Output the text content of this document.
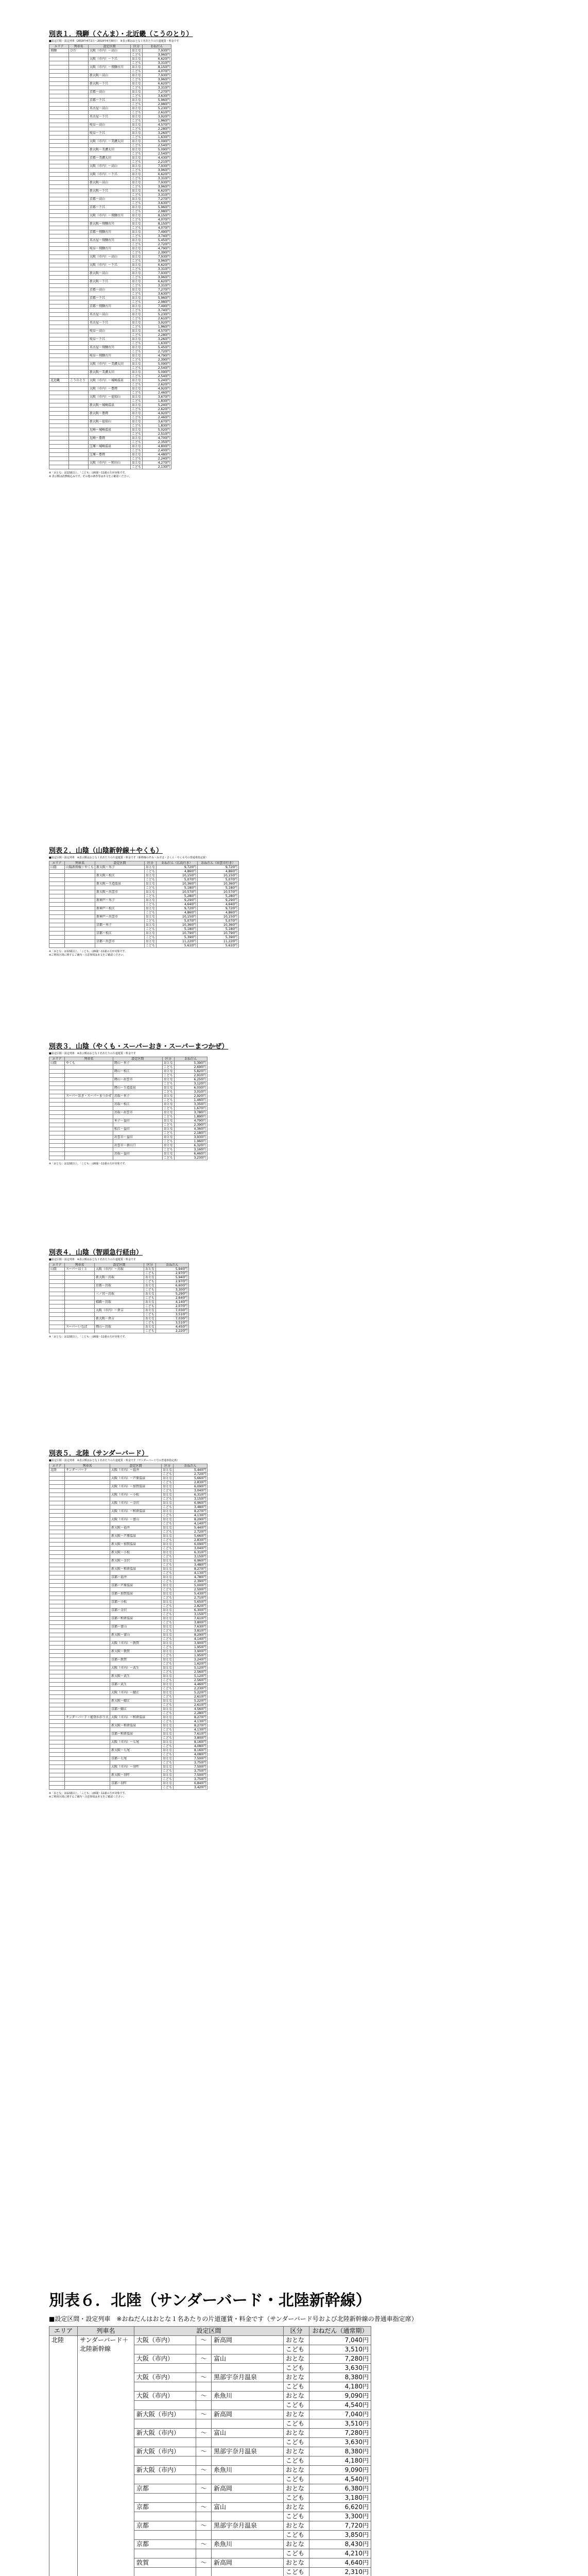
別表１．飛騨（ぐんま）・北近畿（こうのとり）
■設定区間・設定列車（2019年4月1日～2019年4月30日）　※表示額はおとな１名あたりの片道運賃・料金です
エリア	列車名	設定区間	区分	おねだん
飛騨	ひだ	大阪（市内）～高山	おとな	7,930円
			こども	3,960円
		大阪（市内）～下呂	おとな	6,620円
			こども	3,310円
		大阪（市内）～飛騨古川	おとな	8,150円
			こども	4,070円
		新大阪～高山	おとな	7,930円
			こども	3,960円
		新大阪～下呂	おとな	6,620円
			こども	3,310円
		京都～高山	おとな	7,270円
			こども	3,630円
		京都～下呂	おとな	5,960円
			こども	2,980円
		名古屋～高山	おとな	5,230円
			こども	2,610円
		名古屋～下呂	おとな	3,920円
			こども	1,960円
		岐阜～高山	おとな	4,570円
			こども	2,280円
		岐阜～下呂	おとな	3,260円
			こども	1,630円
		大阪（市内）～美濃太田	おとな	5,090円
			こども	2,540円
		新大阪～美濃太田	おとな	5,090円
			こども	2,540円
		京都～美濃太田	おとな	4,430円
			こども	2,210円
		大阪（市内）～高山	おとな	7,930円
			こども	3,960円
		大阪（市内）～下呂	おとな	6,620円
			こども	3,310円
		新大阪～高山	おとな	7,930円
			こども	3,960円
		新大阪～下呂	おとな	6,620円
			こども	3,310円
		京都～高山	おとな	7,270円
			こども	3,630円
		京都～下呂	おとな	5,960円
			こども	2,980円
		大阪（市内）～飛騨古川	おとな	8,150円
			こども	4,070円
		新大阪～飛騨古川	おとな	8,150円
			こども	4,070円
		京都～飛騨古川	おとな	7,490円
			こども	3,740円
		名古屋～飛騨古川	おとな	5,450円
			こども	2,720円
		岐阜～飛騨古川	おとな	4,790円
			こども	2,390円
		大阪（市内）～高山	おとな	7,930円
			こども	3,960円
		大阪（市内）～下呂	おとな	6,620円
			こども	3,310円
		新大阪～高山	おとな	7,930円
			こども	3,960円
		新大阪～下呂	おとな	6,620円
			こども	3,310円
		京都～高山	おとな	7,270円
			こども	3,630円
		京都～下呂	おとな	5,960円
			こども	2,980円
		京都～飛騨古川	おとな	7,490円
			こども	3,740円
		名古屋～高山	おとな	5,230円
			こども	2,610円
		名古屋～下呂	おとな	3,920円
			こども	1,960円
		岐阜～高山	おとな	4,570円
			こども	2,280円
		岐阜～下呂	おとな	3,260円
			こども	1,630円
		名古屋～飛騨古川	おとな	5,450円
			こども	2,720円
		岐阜～飛騨古川	おとな	4,790円
			こども	2,390円
		大阪（市内）～美濃太田	おとな	5,090円
			こども	2,540円
		新大阪～美濃太田	おとな	5,090円
			こども	2,540円
北近畿	こうのとり	大阪（市内）～城崎温泉	おとな	5,240円
			こども	2,620円
		大阪（市内）～豊岡	おとな	4,920円
			こども	2,460円
		大阪（市内）～福知山	おとな	3,670円
			こども	1,830円
		新大阪～城崎温泉	おとな	5,240円
			こども	2,620円
		新大阪～豊岡	おとな	4,920円
			こども	2,460円
		新大阪～福知山	おとな	3,670円
			こども	1,830円
		尼崎～城崎温泉	おとな	5,020円
			こども	2,510円
		尼崎～豊岡	おとな	4,700円
			こども	2,350円
		宝塚～城崎温泉	おとな	4,800円
			こども	2,400円
		宝塚～豊岡	おとな	4,480円
			こども	2,240円
		大阪（市内）～和田山	おとな	4,270円
			こども	2,130円
※「おとな」は12歳以上、「こども」は6歳～11歳の方が対象です。
※ 表示額は消費税込みです。その他の条件等は本文をご確認ください。
別表２．山陰（山陰新幹線＋やくも）
■設定区間・設定列車　※表示額はおとな１名あたりの片道運賃・料金です（新幹線のぞみ・みずほ・さくら・やくも号の普通車指定席）
エリア	列車名	設定区間	区分	おねだん（広島行き）	おねだん（出雲市行き）
山陰	山陽新幹線＋やくも	新大阪～米子	おとな	9,720円	9,720円
			こども	4,860円	4,860円
		新大阪～松江	おとな	10,150円	10,150円
			こども	5,070円	5,070円
		新大阪～玉造温泉	おとな	10,360円	10,360円
			こども	5,180円	5,180円
		新大阪～出雲市	おとな	10,570円	10,570円
			こども	5,280円	5,280円
		新神戸～米子	おとな	9,290円	9,290円
			こども	4,640円	4,640円
		新神戸～松江	おとな	9,720円	9,720円
			こども	4,860円	4,860円
		新神戸～出雲市	おとな	10,150円	10,150円
			こども	5,070円	5,070円
		京都～米子	おとな	10,360円	10,360円
			こども	5,180円	5,180円
		京都～松江	おとな	10,790円	10,790円
			こども	5,390円	5,390円
		京都～出雲市	おとな	11,220円	11,220円
			こども	5,610円	5,610円
※「おとな」は12歳以上、「こども」は6歳～11歳の方が対象です。
※ご利用区間に関するご案内・注意事項は本文をご確認ください。
別表３．山陰（やくも・スーパーおき・スーパーまつかぜ）
■設定区間・設定列車　※表示額はおとな１名あたりの片道運賃・料金です
エリア	列車名	設定区間	区分	おねだん
山陰	やくも	岡山～米子	おとな	5,390円
			こども	2,690円
		岡山～松江	おとな	5,820円
			こども	2,910円
		岡山～出雲市	おとな	6,250円
			こども	3,120円
		岡山～玉造温泉	おとな	6,030円
			こども	3,010円
	スーパーおき・スーパーまつかぜ	鳥取～米子	おとな	2,920円
			こども	1,460円
		鳥取～松江	おとな	3,350円
			こども	1,670円
		鳥取～出雲市	おとな	3,780円
			こども	1,890円
		米子～益田	おとな	4,790円
			こども	2,390円
		松江～益田	おとな	4,360円
			こども	2,180円
		出雲市～益田	おとな	3,930円
			こども	1,960円
		出雲市～新山口	おとな	6,320円
			こども	3,160円
		鳥取～益田	おとな	6,460円
			こども	3,230円
※「おとな」は12歳以上、「こども」は6歳～11歳の方が対象です。
別表４．山陰（智頭急行経由）
■設定区間・設定列車　※表示額はおとな１名あたりの片道運賃・料金です
エリア	列車名	設定区間	区分	おねだん
山陰	スーパーはくと	大阪（市内）～鳥取	おとな	5,940円
			こども	2,970円
		新大阪～鳥取	おとな	5,940円
			こども	2,970円
		京都～鳥取	おとな	6,600円
			こども	3,300円
		三ノ宮～鳥取	おとな	5,290円
			こども	2,640円
		姫路～鳥取	おとな	4,140円
			こども	2,070円
		大阪（市内）～倉吉	おとな	7,030円
			こども	3,510円
		新大阪～倉吉	おとな	7,030円
			こども	3,510円
	スーパーいなば	岡山～鳥取	おとな	4,450円
			こども	2,220円
※「おとな」は12歳以上、「こども」は6歳～11歳の方が対象です。
別表５．北陸（サンダーバード）
■設定区間・設定列車　※表示額はおとな１名あたりの片道運賃・料金です（サンダーバード号の普通車指定席）
エリア	列車名	設定区間	区分	おねだん
北陸	サンダーバード	大阪（市内）～福井	おとな	5,440円
			こども	2,720円
		大阪（市内）～芦原温泉	おとな	5,660円
			こども	2,830円
		大阪（市内）～加賀温泉	おとな	6,090円
			こども	3,040円
		大阪（市内）～小松	おとな	6,310円
			こども	3,150円
		大阪（市内）～金沢	おとな	6,960円
			こども	3,480円
		大阪（市内）～和倉温泉	おとな	8,270円
			こども	4,130円
		大阪（市内）～富山	おとな	8,290円
			こども	4,140円
		新大阪～福井	おとな	5,440円
			こども	2,720円
		新大阪～芦原温泉	おとな	5,660円
			こども	2,830円
		新大阪～加賀温泉	おとな	6,090円
			こども	3,040円
		新大阪～小松	おとな	6,310円
			こども	3,150円
		新大阪～金沢	おとな	6,960円
			こども	3,480円
		新大阪～和倉温泉	おとな	8,270円
			こども	4,130円
		京都～福井	おとな	4,780円
			こども	2,390円
		京都～芦原温泉	おとな	5,000円
			こども	2,500円
		京都～加賀温泉	おとな	5,430円
			こども	2,710円
		京都～小松	おとな	5,650円
			こども	2,820円
		京都～金沢	おとな	6,300円
			こども	3,150円
		京都～和倉温泉	おとな	7,610円
			こども	3,800円
		京都～富山	おとな	7,630円
			こども	3,810円
		新大阪～富山	おとな	8,290円
			こども	4,140円
		大阪（市内）～敦賀	おとな	3,900円
			こども	1,950円
		新大阪～敦賀	おとな	3,900円
			こども	1,950円
		京都～敦賀	おとな	3,240円
			こども	1,620円
		大阪（市内）～武生	おとな	5,120円
			こども	2,560円
		新大阪～武生	おとな	5,120円
			こども	2,560円
		京都～武生	おとな	4,460円
			こども	2,230円
		大阪（市内）～鯖江	おとな	5,220円
			こども	2,610円
		新大阪～鯖江	おとな	5,220円
			こども	2,610円
		京都～鯖江	おとな	4,560円
			こども	2,280円
	サンダーバード＋能登かがり火	大阪（市内）～和倉温泉	おとな	8,270円
			こども	4,130円
		新大阪～和倉温泉	おとな	8,270円
			こども	4,130円
		京都～和倉温泉	おとな	7,610円
			こども	3,800円
		大阪（市内）～七尾	おとな	8,160円
			こども	4,080円
		新大阪～七尾	おとな	8,160円
			こども	4,080円
		京都～七尾	おとな	7,500円
			こども	3,750円
		大阪（市内）～羽咋	おとな	7,500円
			こども	3,750円
		新大阪～羽咋	おとな	7,500円
			こども	3,750円
		京都～羽咋	おとな	6,840円
			こども	3,420円
※「おとな」は12歳以上、「こども」は6歳～11歳の方が対象です。
※ご利用区間に関するご案内・注意事項は本文をご確認ください。
別表６．北陸（サンダーバード・北陸新幹線）
■設定区間・設定列車　※おねだんはおとな１名あたりの片道運賃・料金です（サンダーバード号および北陸新幹線の普通車指定席）
エリア	列車名	設定区間			区分	おねだん（通常期）
北陸	サンダーバード＋北陸新幹線	大阪（市内）	～	新高岡	おとな	7,040円
					こども	3,510円
		大阪（市内）	～	富山	おとな	7,280円
					こども	3,630円
		大阪（市内）	～	黒部宇奈月温泉	おとな	8,380円
					こども	4,180円
		大阪（市内）	～	糸魚川	おとな	9,090円
					こども	4,540円
		新大阪（市内）	～	新高岡	おとな	7,040円
					こども	3,510円
		新大阪（市内）	～	富山	おとな	7,280円
					こども	3,630円
		新大阪（市内）	～	黒部宇奈月温泉	おとな	8,380円
					こども	4,180円
		新大阪（市内）	～	糸魚川	おとな	9,090円
					こども	4,540円
		京都	～	新高岡	おとな	6,380円
					こども	3,180円
		京都	～	富山	おとな	6,620円
					こども	3,300円
		京都	～	黒部宇奈月温泉	おとな	7,720円
					こども	3,850円
		京都	～	糸魚川	おとな	8,430円
					こども	4,210円
		敦賀	～	新高岡	おとな	4,640円
					こども	2,310円
